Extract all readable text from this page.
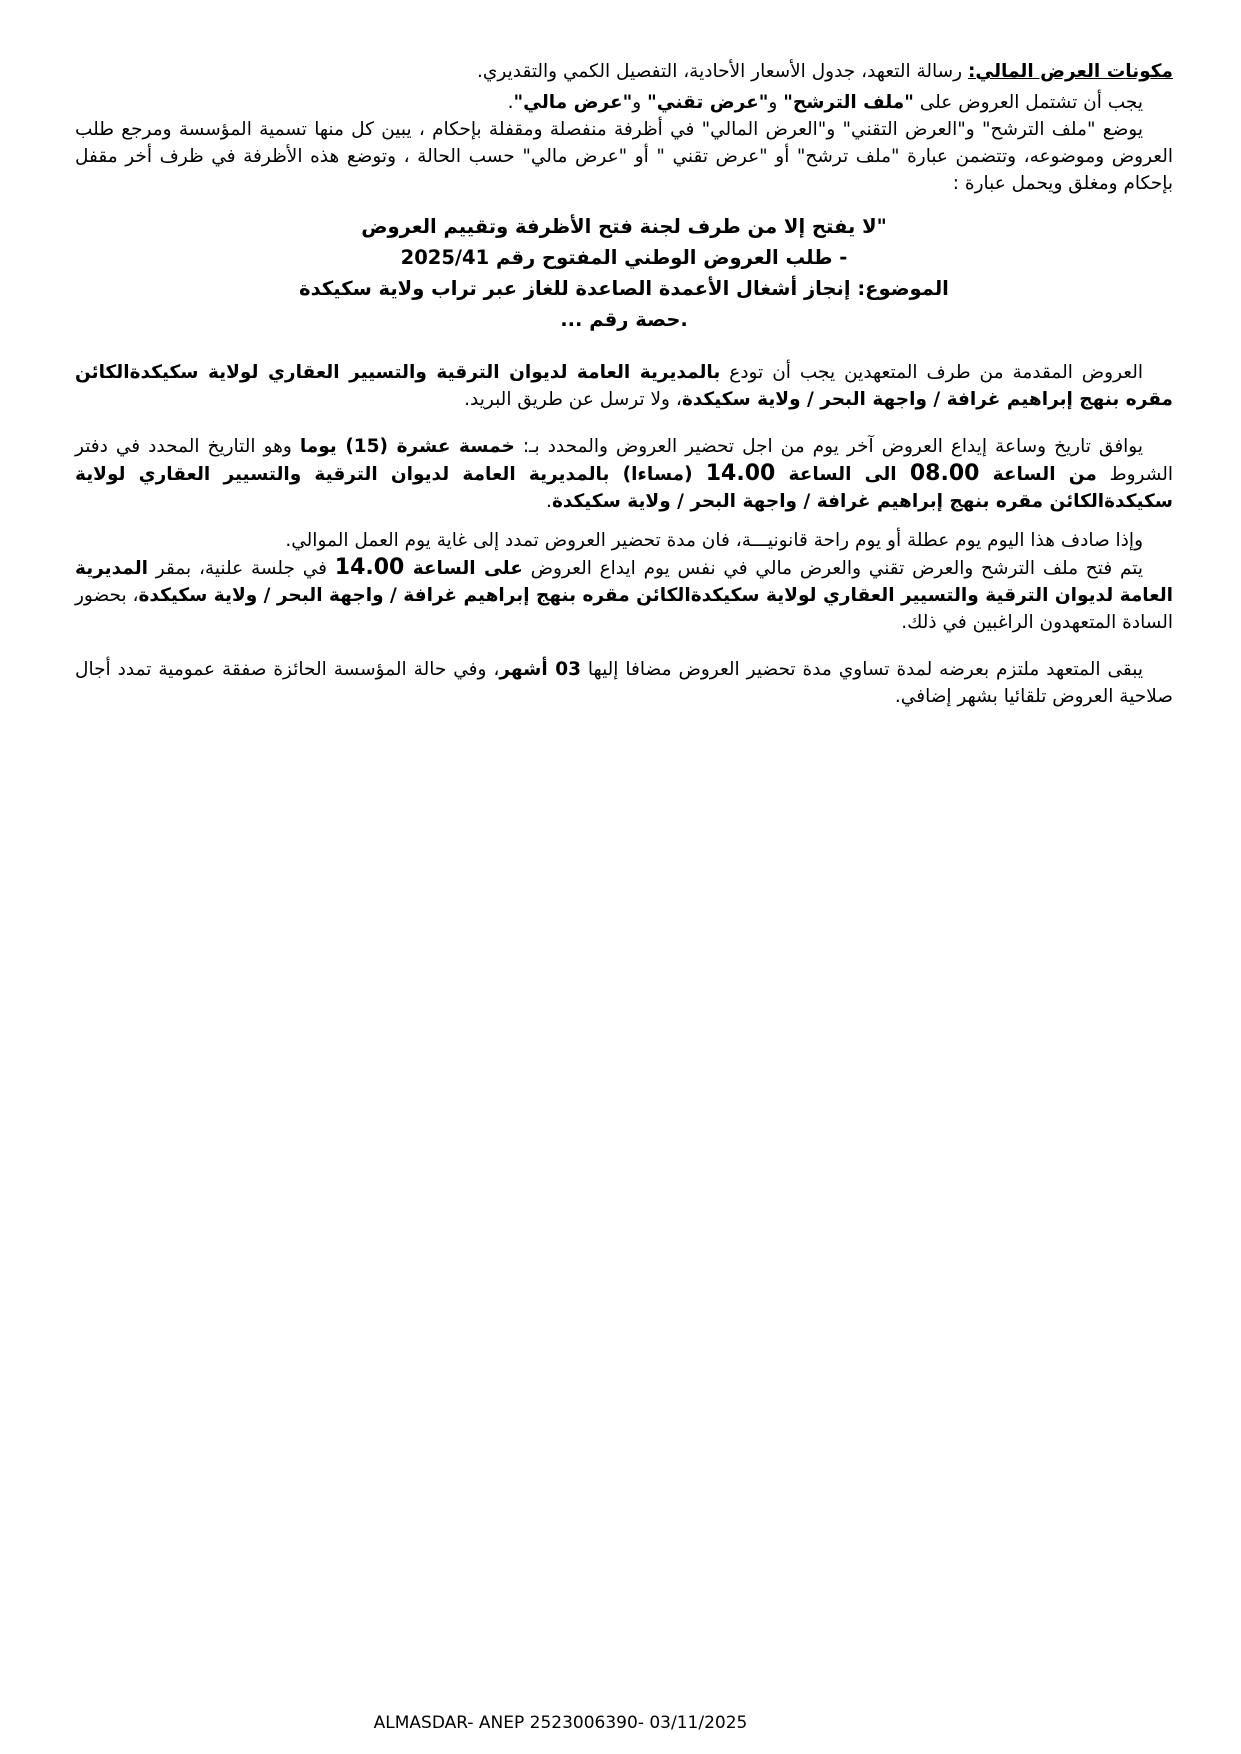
مكونات العرض المالي: رسالة التعهد، جدول الأسعار الأحادية، التفصيل الكمي والتقديري.

يجب أن تشتمل العروض على "ملف الترشح" و"عرض تقني" و"عرض مالي".

يوضع "ملف الترشح" و"العرض التقني" و"العرض المالي" في أظرفة منفصلة ومقفلة بإحكام ، يبين كل منها تسمية المؤسسة ومرجع طلب العروض وموضوعه، وتتضمن عبارة "ملف ترشح" أو "عرض تقني " أو "عرض مالي" حسب الحالة ، وتوضع هذه الأظرفة في ظرف أخر مقفل بإحكام ومغلق ويحمل عبارة :

"لا يفتح إلا من طرف لجنة فتح الأظرفة وتقييم العروض

- طلب العروض الوطني المفتوح رقم 2025/41

الموضوع: إنجاز أشغال الأعمدة الصاعدة للغاز عبر تراب ولاية سكيكدة

.حصة رقم ...

العروض المقدمة من طرف المتعهدين يجب أن تودع بالمديرية العامة لديوان الترقية والتسيير العقاري لولاية سكيكدةالكائن مقره بنهج إبراهيم غرافة / واجهة البحر / ولاية سكيكدة، ولا ترسل عن طريق البريد.

يوافق تاريخ وساعة إيداع العروض آخر يوم من اجل تحضير العروض والمحدد بـ: خمسة عشرة (15) يوما وهو التاريخ المحدد في دفتر الشروط من الساعة 08.00 الى الساعة 14.00 (مساءا) بالمديرية العامة لديوان الترقية والتسيير العقاري لولاية سكيكدةالكائن مقره بنهج إبراهيم غرافة / واجهة البحر / ولاية سكيكدة.

وإذا صادف هذا اليوم يوم عطلة أو يوم راحة قانونيـــة، فان مدة تحضير العروض تمدد إلى غاية يوم العمل الموالي.

يتم فتح ملف الترشح والعرض تقني والعرض مالي في نفس يوم ايداع العروض على الساعة 14.00 في جلسة علنية، بمقر المديرية العامة لديوان الترقية والتسيير العقاري لولاية سكيكدةالكائن مقره بنهج إبراهيم غرافة / واجهة البحر / ولاية سكيكدة، بحضور السادة المتعهدون الراغبين في ذلك.

يبقى المتعهد ملتزم بعرضه لمدة تساوي مدة تحضير العروض مضافا إليها 03 أشهر، وفي حالة المؤسسة الحائزة صفقة عمومية تمدد أجال صلاحية العروض تلقائيا بشهر إضافي.

ALMASDAR- ANEP 2523006390- 03/11/2025
